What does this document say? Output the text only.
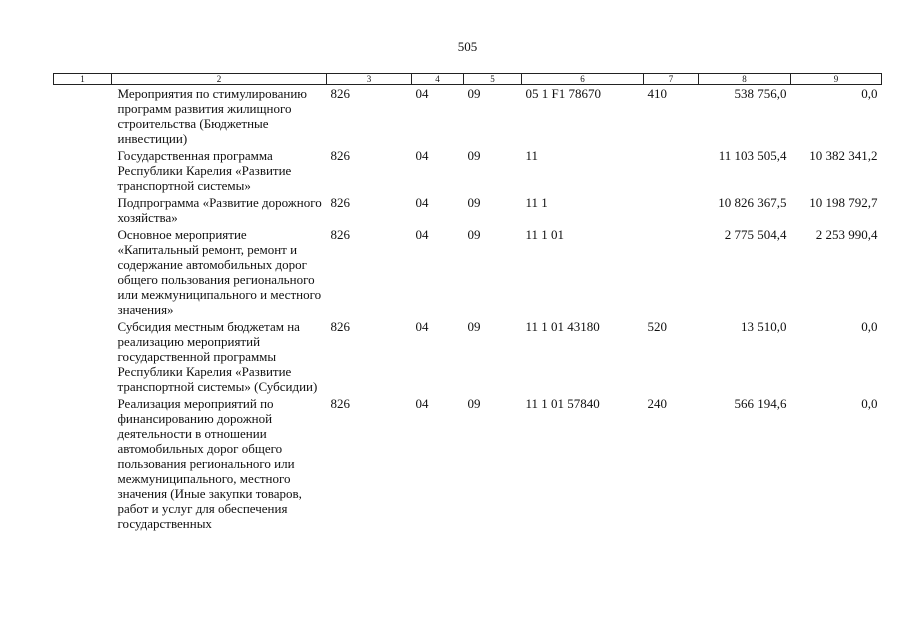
505
1	2	3	4	5	6	7	8	9
	Мероприятия по стимулированию программ развития жилищного строительства (Бюджетные инвестиции)	826	04	09	05 1 F1 78670	410	538 756,0	0,0
	Государственная программа Республики Карелия «Развитие транспортной системы»	826	04	09	11		11 103 505,4	10 382 341,2
	Подпрограмма «Развитие дорожного хозяйства»	826	04	09	11 1		10 826 367,5	10 198 792,7
	Основное мероприятие «Капитальный ремонт, ремонт и содержание автомобильных дорог общего пользования регионального или межмуниципального и местного значения»	826	04	09	11 1 01		2 775 504,4	2 253 990,4
	Субсидия местным бюджетам на реализацию мероприятий государственной программы Республики Карелия «Развитие транспортной системы» (Субсидии)	826	04	09	11 1 01 43180	520	13 510,0	0,0
	Реализация мероприятий по финансированию дорожной деятельности в отношении автомобильных дорог общего пользования регионального или межмуниципального, местного значения (Иные закупки товаров, работ и услуг для обеспечения государственных	826	04	09	11 1 01 57840	240	566 194,6	0,0
